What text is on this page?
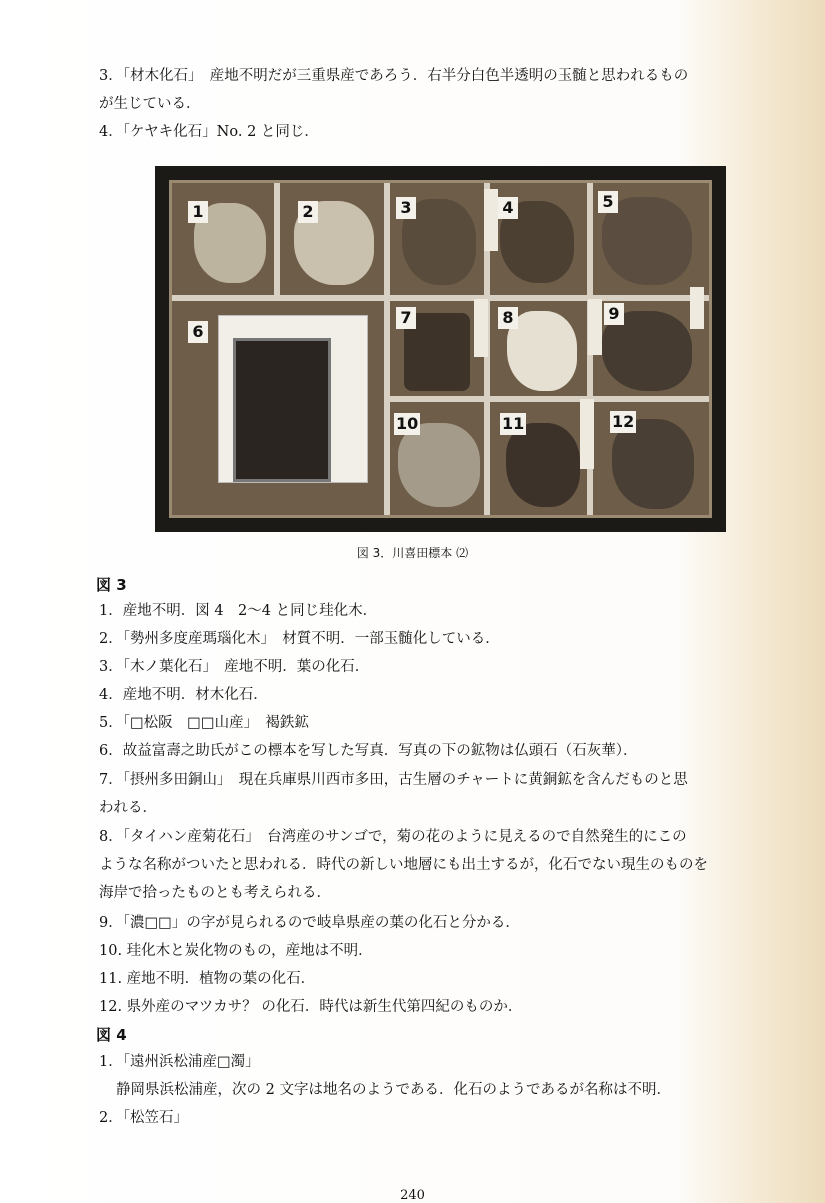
3．「材木化石」　産地不明だが三重県産であろう．右半分白色半透明の玉髄と思われるもの
が生じている．
4．「ケヤキ化石」No. 2 と同じ．
1	2	3	4	5
6
7	8	9
10	11	12
図 3．川喜田標本 ⑵
図 3
1．産地不明．図 4　2～4 と同じ珪化木．
2．「勢州多度産瑪瑙化木」　材質不明．一部玉髄化している．
3．「木ノ葉化石」　産地不明．葉の化石．
4．産地不明．材木化石．
5．「□松阪　□□山産」　褐鉄鉱
6．故益富壽之助氏がこの標本を写した写真．写真の下の鉱物は仏頭石（石灰華）．
7．「摂州多田銅山」　現在兵庫県川西市多田，古生層のチャートに黄銅鉱を含んだものと思
われる．
8．「タイハン産菊花石」　台湾産のサンゴで，菊の花のように見えるので自然発生的にこの
ような名称がついたと思われる．時代の新しい地層にも出土するが，化石でない現生のものを
海岸で拾ったものとも考えられる．
9．「濃□□」の字が見られるので岐阜県産の葉の化石と分かる．
10. 珪化木と炭化物のもの，産地は不明．
11. 産地不明．植物の葉の化石．
12. 県外産のマツカサ？ の化石．時代は新生代第四紀のものか．
図 4
1．「遠州浜松浦産□濁」
静岡県浜松浦産，次の 2 文字は地名のようである．化石のようであるが名称は不明．
2．「松笠石」
240
